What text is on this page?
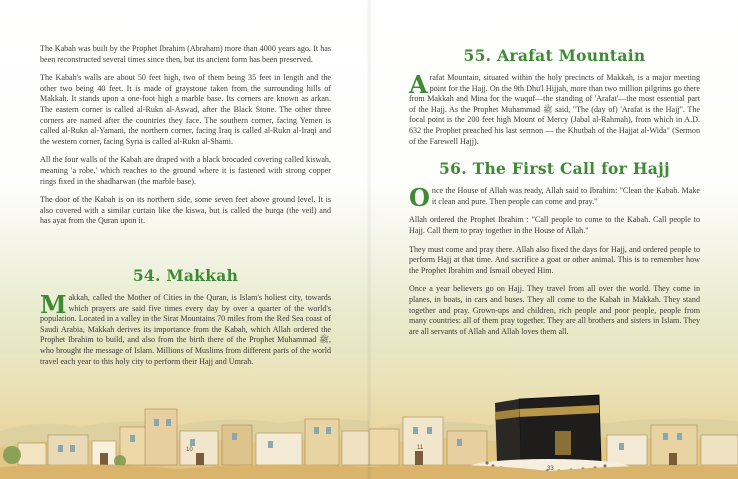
The Kabah was built by the Prophet Ibrahim (Abraham) more than 4000 years ago. It has been reconstructed several times since then, but its ancient form has been preserved.

The Kabah's walls are about 50 feet high, two of them being 35 feet in length and the other two being 40 feet. It is made of graystone taken from the surrounding hills of Makkah. It stands upon a one-foot high a marble base. Its corners are known as arkan. The eastern corner is called al-Rukn al-Aswad, after the Black Stone. The other three corners are named after the countries they face. The southern corner, facing Yemen is called al-Rukn al-Yamani, the northern corner, facing Iraq is called al-Rukn al-Iraqi and the western corner, facing Syria is called al-Rukn al-Shami.

All the four walls of the Kabah are draped with a black brocaded covering called kiswah, meaning 'a robe,' which reaches to the ground where it is fastened with strong copper rings fixed in the shadharwan (the marble base).

The door of the Kabah is on its northern side, some seven feet above ground level. It is also covered with a similar curtain like the kiswa, but is called the burqa (the veil) and has ayat from the Quran upon it.

54. Makkah

M akkah, called the Mother of Cities in the Quran, is Islam's holiest city, towards which prayers are said five times every day by over a quarter of the world's population. Located in a valley in the Sirat Mountains 70 miles from the Red Sea coast of Saudi Arabia, Makkah derives its importance from the Kabah, which Allah ordered the Prophet Ibrahim to build, and also from the birth there of the Prophet Muhammad ﷺ, who brought the message of Islam. Millions of Muslims from different parts of the world travel each year to this holy city to perform their Hajj and Umrah.

10
55. Arafat Mountain

A rafat Mountain, situated within the holy precincts of Makkah, is a major meeting point for the Hajj. On the 9th Dhu'l Hijjah, more than two million pilgrims go there from Makkah and Mina for the wuquf—the standing of 'Arafat'—the most essential part of the Hajj. As the Prophet Muhammad ﷺ said, "The (day of) 'Arafat is the Hajj". The focal point is the 200 feet high Mount of Mercy (Jabal al-Rahmah), from which in A.D. 632 the Prophet preached his last sermon — the Khutbah of the Hajjat al-Wida" (Sermon of the Farewell Hajj).

56. The First Call for Hajj

O nce the House of Allah was ready, Allah said to Ibrahim: "Clean the Kabah. Make it clean and pure. Then people can come and pray."

Allah ordered the Prophet Ibrahim : "Call people to come to the Kabah. Call people to Hajj. Call them to pray together in the House of Allah."

They must come and pray there. Allah also fixed the days for Hajj, and ordered people to perform Hajj at that time. And sacrifice a goat or other animal. This is to remember how the Prophet Ibrahim and Ismail obeyed Him.

Once a year believers go on Hajj. They travel from all over the world. They come in planes, in boats, in cars and buses. They all come to the Kabah in Makkah. They stand together and pray. Grown-ups and children, rich people and poor people, people from many countries: all of them pray together. They are all brothers and sisters in Islam. They are all servants of Allah and Allah loves them all.

33
11
